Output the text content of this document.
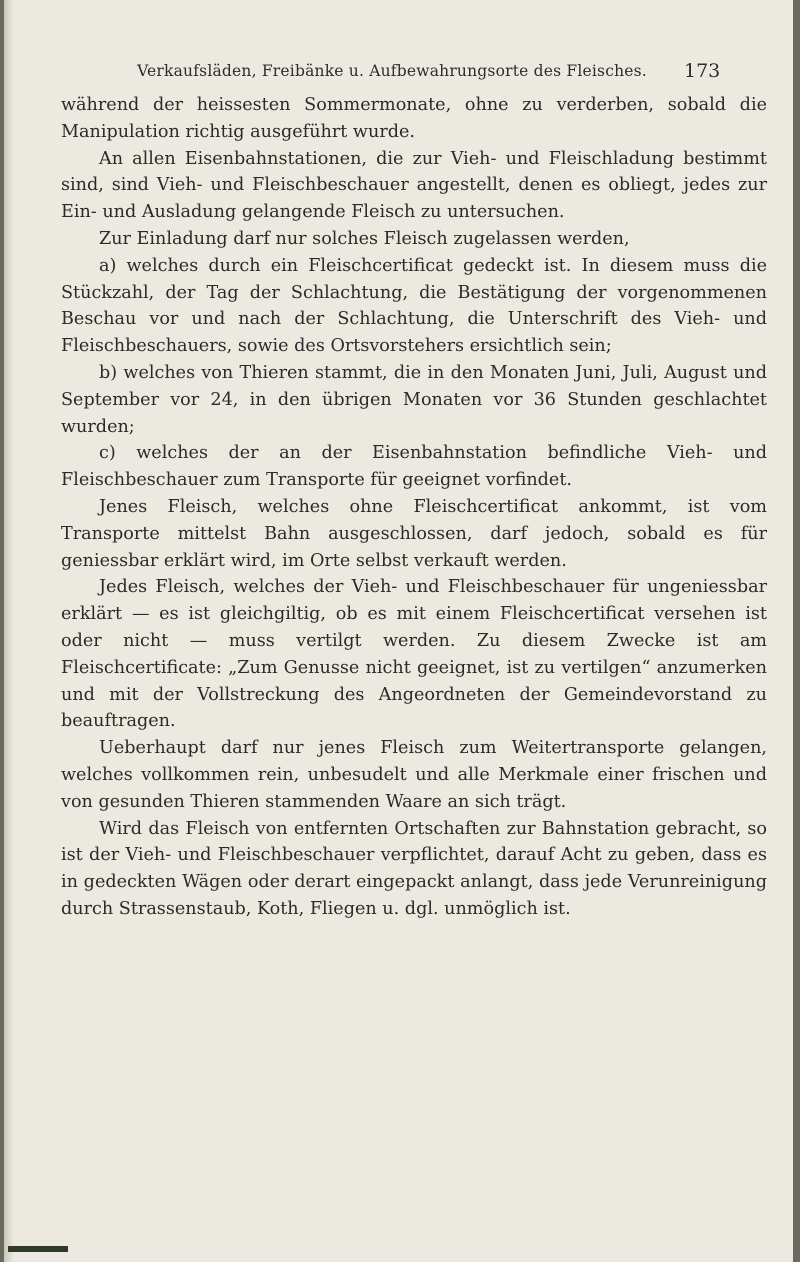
Verkaufsläden, Freibänke u. Aufbewahrungsorte des Fleisches.	173

während der heissesten Sommermonate, ohne zu verderben, sobald die Manipulation richtig ausgeführt wurde.

An allen Eisenbahnstationen, die zur Vieh- und Fleischladung bestimmt sind, sind Vieh- und Fleischbeschauer angestellt, denen es obliegt, jedes zur Ein- und Ausladung gelangende Fleisch zu untersuchen.

Zur Einladung darf nur solches Fleisch zugelassen werden,

a) welches durch ein Fleischcertificat gedeckt ist. In diesem muss die Stückzahl, der Tag der Schlachtung, die Bestätigung der vorgenommenen Beschau vor und nach der Schlachtung, die Unterschrift des Vieh- und Fleischbeschauers, sowie des Ortsvorstehers ersichtlich sein;

b) welches von Thieren stammt, die in den Monaten Juni, Juli, August und September vor 24, in den übrigen Monaten vor 36 Stunden geschlachtet wurden;

c) welches der an der Eisenbahnstation befindliche Vieh- und Fleischbeschauer zum Transporte für geeignet vorfindet.

Jenes Fleisch, welches ohne Fleischcertificat ankommt, ist vom Transporte mittelst Bahn ausgeschlossen, darf jedoch, sobald es für geniessbar erklärt wird, im Orte selbst verkauft werden.

Jedes Fleisch, welches der Vieh- und Fleischbeschauer für ungeniessbar erklärt — es ist gleichgiltig, ob es mit einem Fleischcertificat versehen ist oder nicht — muss vertilgt werden. Zu diesem Zwecke ist am Fleischcertificate: „Zum Genusse nicht geeignet, ist zu vertilgen“ anzumerken und mit der Vollstreckung des Angeordneten der Gemeindevorstand zu beauftragen.

Ueberhaupt darf nur jenes Fleisch zum Weitertransporte gelangen, welches vollkommen rein, unbesudelt und alle Merkmale einer frischen und von gesunden Thieren stammenden Waare an sich trägt.

Wird das Fleisch von entfernten Ortschaften zur Bahnstation gebracht, so ist der Vieh- und Fleischbeschauer verpflichtet, darauf Acht zu geben, dass es in gedeckten Wägen oder derart eingepackt anlangt, dass jede Verunreinigung durch Strassenstaub, Koth, Fliegen u. dgl. unmöglich ist.
